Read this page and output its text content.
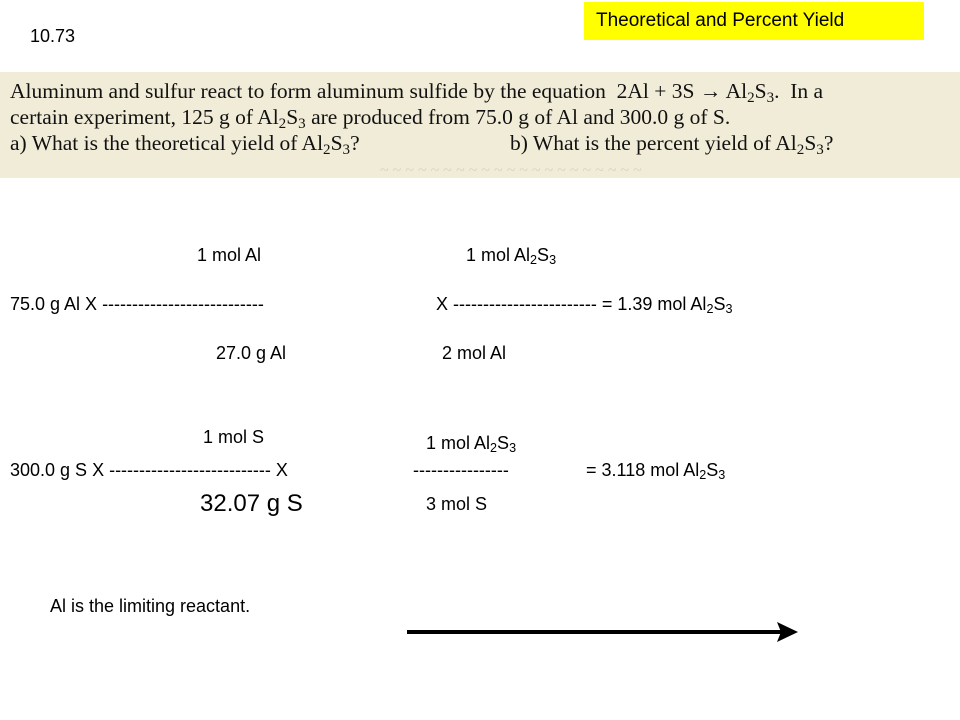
10.73
Theoretical and Percent Yield
~ ~ ~ ~ ~ ~ ~ ~ ~ ~ ~ ~ ~ ~ ~ ~ ~ ~ ~ ~ ~
Aluminum and sulfur react to form aluminum sulfide by the equation $2Al + 3S \to Al_2S_3$. In a
certain experiment, 125 g of $Al_2S_3$ are produced from 75.0 g of Al and 300.0 g of S.
a) What is the theoretical yield of $Al_2S_3$?	b) What is the percent yield of $Al_2S_3$?
1 mol Al	1 mol $Al_2S_3$
75.0 g Al X ---------------------------	X ------------------------ = 1.39 mol $Al_2S_3$
27.0 g Al	2 mol Al
1 mol S	1 mol $Al_2S_3$
300.0 g S X --------------------------- X	----------------	= 3.118 mol $Al_2S_3$
32.07 g S	3 mol S
Al is the limiting reactant.
